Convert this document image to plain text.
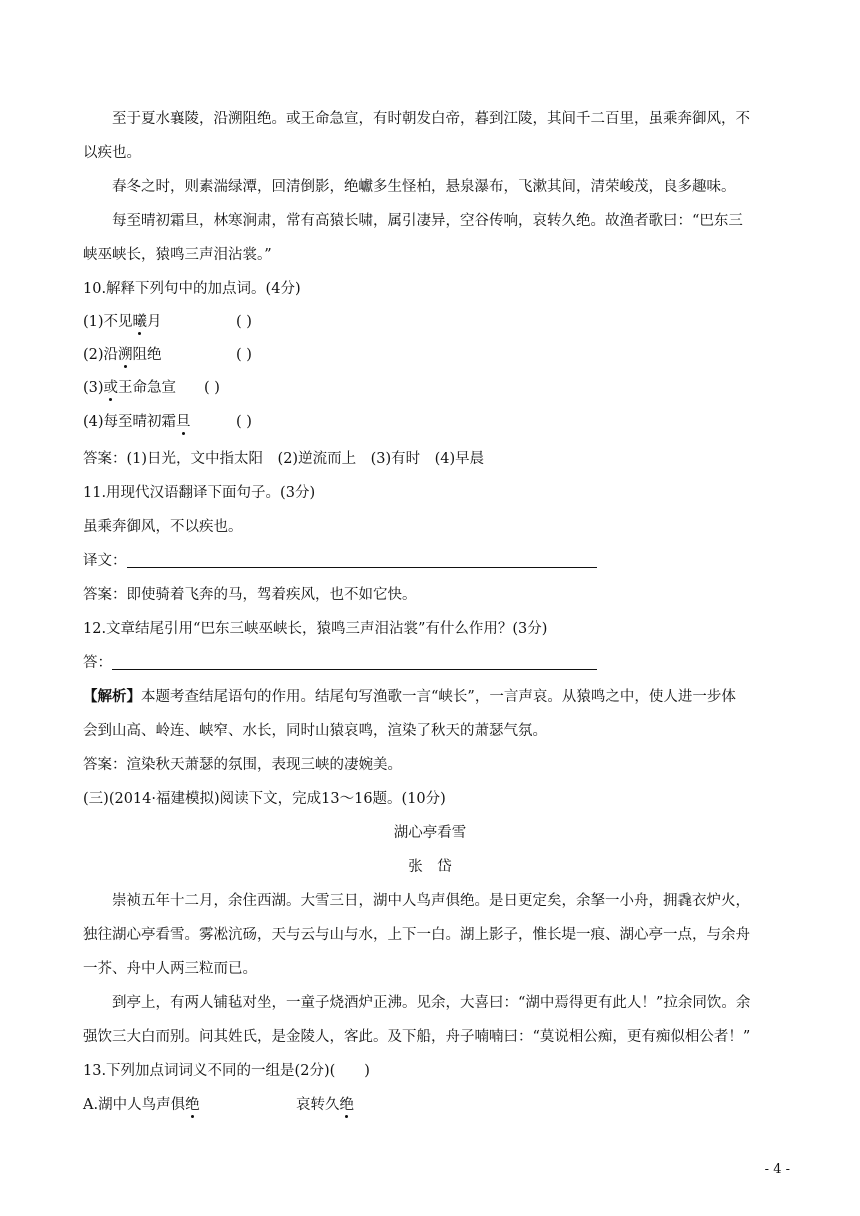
至于夏水襄陵，沿溯阻绝。或王命急宣，有时朝发白帝，暮到江陵，其间千二百里，虽乘奔御风，不
以疾也。
春冬之时，则素湍绿潭，回清倒影，绝巘多生怪柏，悬泉瀑布，飞漱其间，清荣峻茂，良多趣味。
每至晴初霜旦，林寒涧肃，常有高猿长啸，属引凄异，空谷传响，哀转久绝。故渔者歌曰：“巴东三
峡巫峡长，猿鸣三声泪沾裳。”
10.解释下列句中的加点词。(4分)
(1)不见曦月	( )
(2)沿溯阻绝	( )
(3)或王命急宣 ( )
(4)每至晴初霜旦	( )
答案：(1)日光，文中指太阳　(2)逆流而上　(3)有时　(4)早晨
11.用现代汉语翻译下面句子。(3分)
虽乘奔御风，不以疾也。
译文：
答案：即使骑着飞奔的马，驾着疾风，也不如它快。
12.文章结尾引用“巴东三峡巫峡长，猿鸣三声泪沾裳”有什么作用？(3分)
答：
【解析】本题考查结尾语句的作用。结尾句写渔歌一言“峡长”，一言声哀。从猿鸣之中，使人进一步体
会到山高、岭连、峡窄、水长，同时山猿哀鸣，渲染了秋天的萧瑟气氛。
答案：渲染秋天萧瑟的氛围，表现三峡的凄婉美。
(三)(2014·福建模拟)阅读下文，完成13～16题。(10分)
湖心亭看雪
张　岱
崇祯五年十二月，余住西湖。大雪三日，湖中人鸟声俱绝。是日更定矣，余拏一小舟，拥毳衣炉火，
独往湖心亭看雪。雾凇沆砀，天与云与山与水，上下一白。湖上影子，惟长堤一痕、湖心亭一点，与余舟
一芥、舟中人两三粒而已。
到亭上，有两人铺毡对坐，一童子烧酒炉正沸。见余，大喜曰：“湖中焉得更有此人！”拉余同饮。余
强饮三大白而别。问其姓氏，是金陵人，客此。及下船，舟子喃喃曰：“莫说相公痴，更有痴似相公者！”
13.下列加点词词义不同的一组是(2分)(　　)
A.湖中人鸟声俱绝	哀转久绝
- 4 -
